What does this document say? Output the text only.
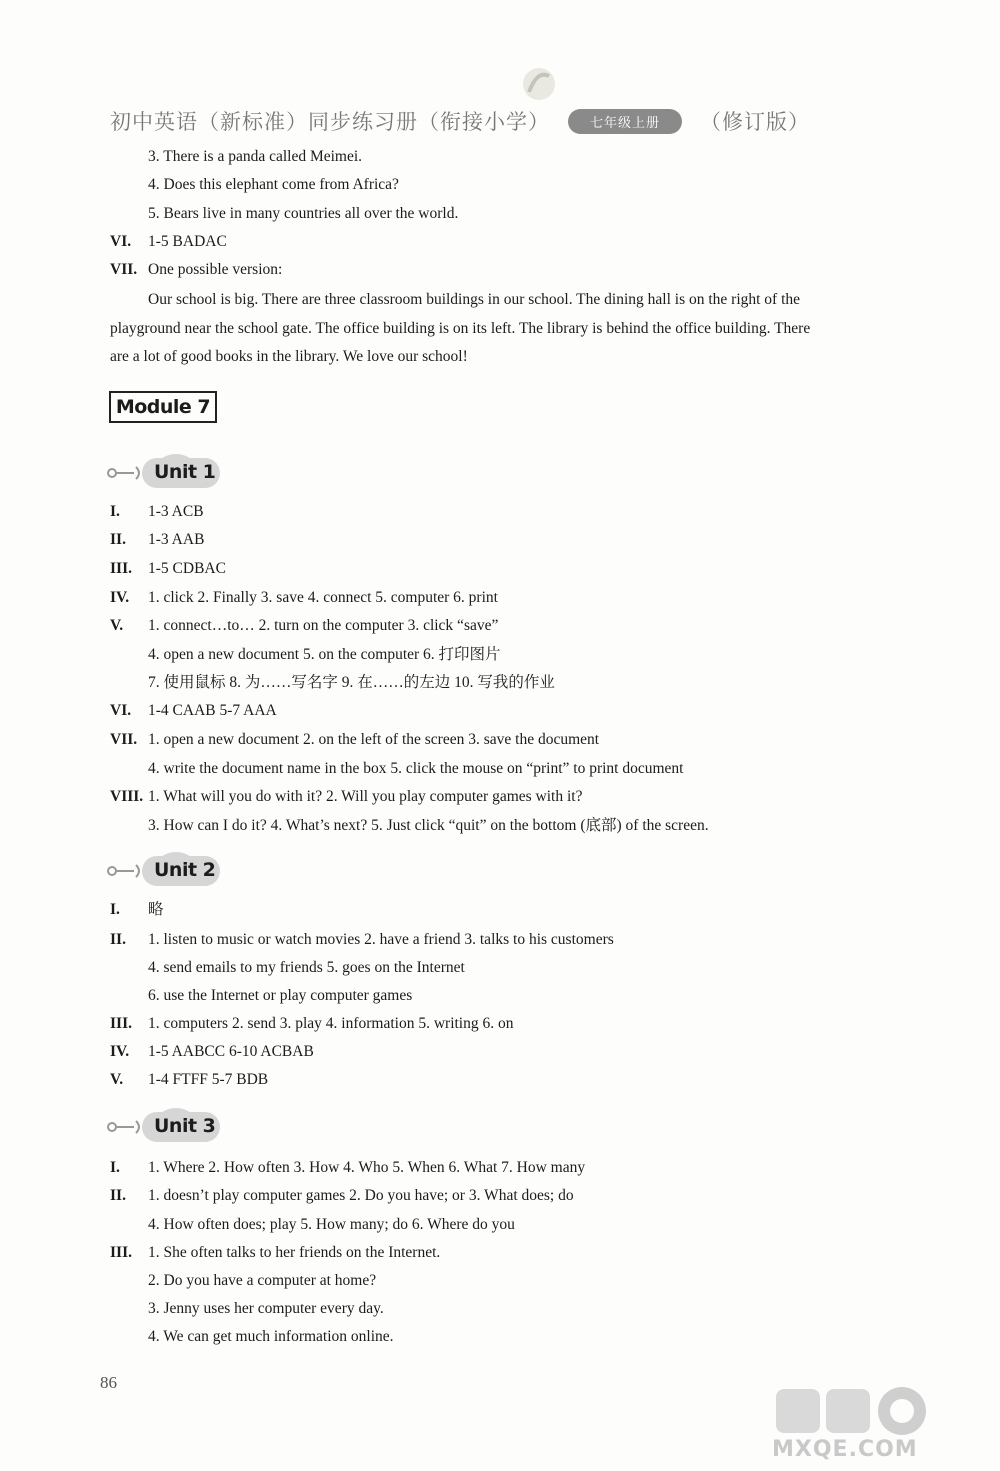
初中英语（新标准）同步练习册（衔接小学）	七年级上册	（修订版）
3. There is a panda called Meimei.
4. Does this elephant come from Africa?
5. Bears live in many countries all over the world.
VI. 1-5 BADAC
VII. One possible version:
Our school is big. There are three classroom buildings in our school. The dining hall is on the right of the
playground near the school gate. The office building is on its left. The library is behind the office building. There
are a lot of good books in the library. We love our school!
Module 7
Unit 1
I. 1-3 ACB
II. 1-3 AAB
III. 1-5 CDBAC
IV. 1. click 2. Finally 3. save 4. connect 5. computer 6. print
V. 1. connect…to… 2. turn on the computer 3. click “save”
4. open a new document 5. on the computer 6. 打印图片
7. 使用鼠标 8. 为……写名字 9. 在……的左边 10. 写我的作业
VI. 1-4 CAAB 5-7 AAA
VII. 1. open a new document 2. on the left of the screen 3. save the document
4. write the document name in the box 5. click the mouse on “print” to print document
VIII. 1. What will you do with it? 2. Will you play computer games with it?
3. How can I do it? 4. What’s next? 5. Just click “quit” on the bottom (底部) of the screen.
Unit 2
I. 略
II. 1. listen to music or watch movies 2. have a friend 3. talks to his customers
4. send emails to my friends 5. goes on the Internet
6. use the Internet or play computer games
III. 1. computers 2. send 3. play 4. information 5. writing 6. on
IV. 1-5 AABCC 6-10 ACBAB
V. 1-4 FTFF 5-7 BDB
Unit 3
I. 1. Where 2. How often 3. How 4. Who 5. When 6. What 7. How many
II. 1. doesn’t play computer games 2. Do you have; or 3. What does; do
4. How often does; play 5. How many; do 6. Where do you
III. 1. She often talks to her friends on the Internet.
2. Do you have a computer at home?
3. Jenny uses her computer every day.
4. We can get much information online.
86
MXQE.COM
